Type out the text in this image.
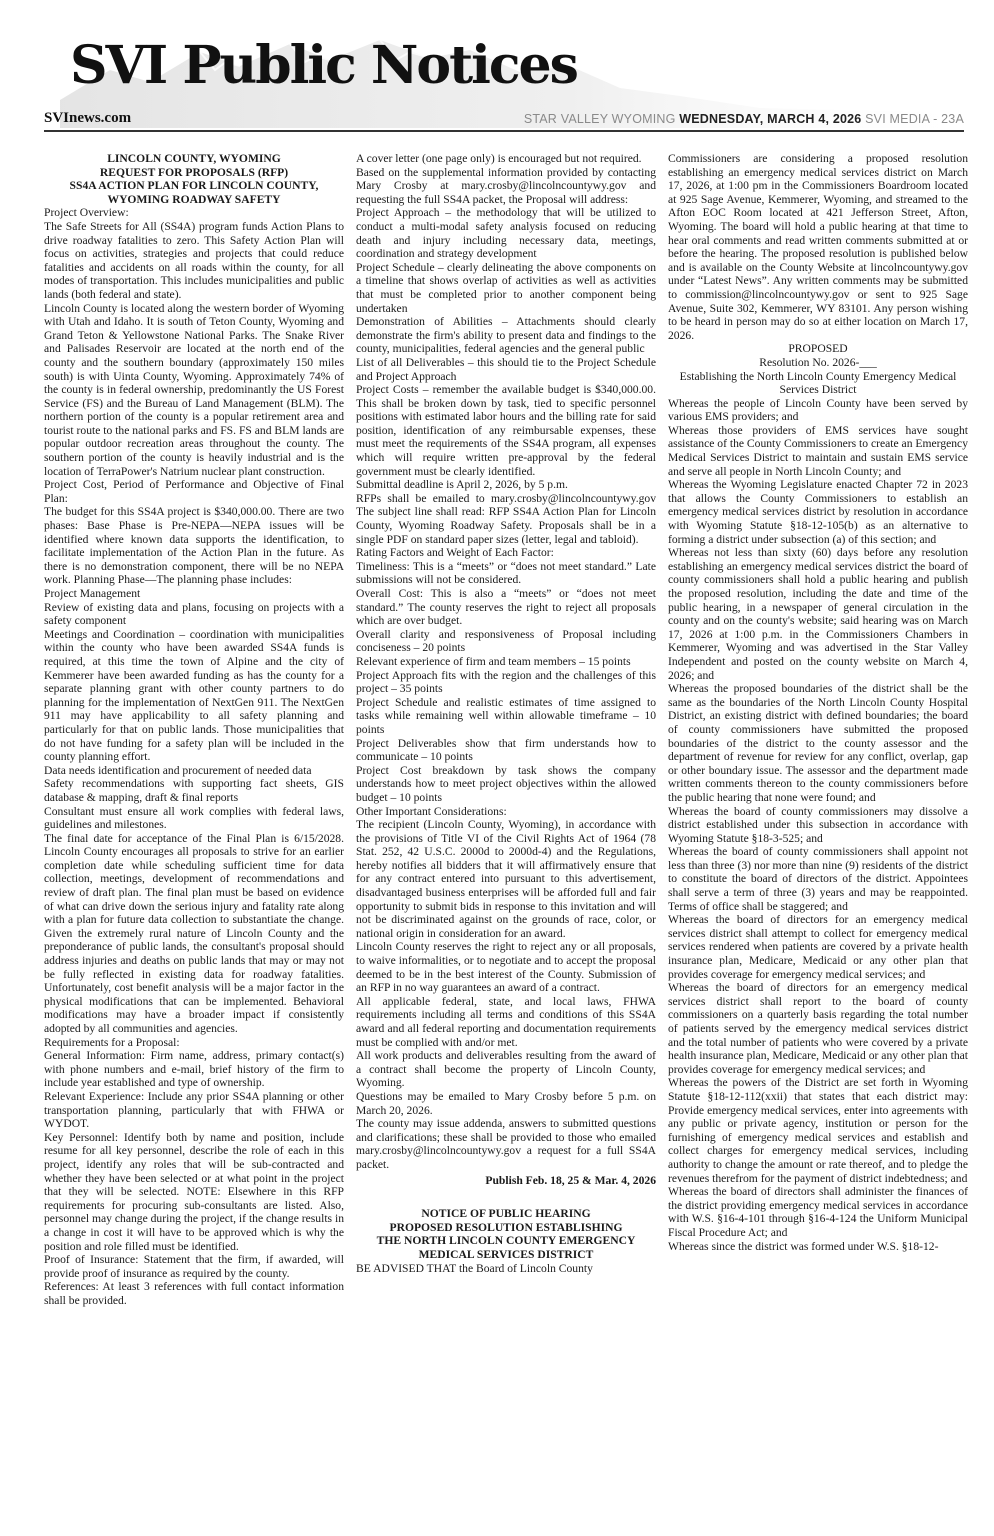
SVI Public Notices
SVInews.com	STAR VALLEY WYOMING WEDNESDAY, MARCH 4, 2026 SVI MEDIA - 23A
LINCOLN COUNTY, WYOMING
REQUEST FOR PROPOSALS (RFP)
SS4A ACTION PLAN FOR LINCOLN COUNTY,
WYOMING ROADWAY SAFETY

Project Overview:

The Safe Streets for All (SS4A) program funds Action Plans to drive roadway fatalities to zero. This Safety Action Plan will focus on activities, strategies and projects that could reduce fatalities and accidents on all roads within the county, for all modes of transportation. This includes municipalities and public lands (both federal and state).

Lincoln County is located along the western border of Wyoming with Utah and Idaho. It is south of Teton County, Wyoming and Grand Teton & Yellowstone National Parks. The Snake River and Palisades Reservoir are located at the north end of the county and the southern boundary (approximately 150 miles south) is with Uinta County, Wyoming. Approximately 74% of the county is in federal ownership, predominantly the US Forest Service (FS) and the Bureau of Land Management (BLM). The northern portion of the county is a popular retirement area and tourist route to the national parks and FS. FS and BLM lands are popular outdoor recreation areas throughout the county. The southern portion of the county is heavily industrial and is the location of TerraPower's Natrium nuclear plant construction.

Project Cost, Period of Performance and Objective of Final Plan:

The budget for this SS4A project is $340,000.00. There are two phases: Base Phase is Pre-NEPA—NEPA issues will be identified where known data supports the identification, to facilitate implementation of the Action Plan in the future. As there is no demonstration component, there will be no NEPA work. Planning Phase—The planning phase includes:

Project Management

Review of existing data and plans, focusing on projects with a safety component

Meetings and Coordination – coordination with municipalities within the county who have been awarded SS4A funds is required, at this time the town of Alpine and the city of Kemmerer have been awarded funding as has the county for a separate planning grant with other county partners to do planning for the implementation of NextGen 911. The NextGen 911 may have applicability to all safety planning and particularly for that on public lands. Those municipalities that do not have funding for a safety plan will be included in the county planning effort.

Data needs identification and procurement of needed data

Safety recommendations with supporting fact sheets, GIS database & mapping, draft & final reports

Consultant must ensure all work complies with federal laws, guidelines and milestones.

The final date for acceptance of the Final Plan is 6/15/2028. Lincoln County encourages all proposals to strive for an earlier completion date while scheduling sufficient time for data collection, meetings, development of recommendations and review of draft plan. The final plan must be based on evidence of what can drive down the serious injury and fatality rate along with a plan for future data collection to substantiate the change. Given the extremely rural nature of Lincoln County and the preponderance of public lands, the consultant's proposal should address injuries and deaths on public lands that may or may not be fully reflected in existing data for roadway fatalities. Unfortunately, cost benefit analysis will be a major factor in the physical modifications that can be implemented. Behavioral modifications may have a broader impact if consistently adopted by all communities and agencies.

Requirements for a Proposal:

General Information: Firm name, address, primary contact(s) with phone numbers and e-mail, brief history of the firm to include year established and type of ownership.

Relevant Experience: Include any prior SS4A planning or other transportation planning, particularly that with FHWA or WYDOT.

Key Personnel: Identify both by name and position, include resume for all key personnel, describe the role of each in this project, identify any roles that will be sub-contracted and whether they have been selected or at what point in the project that they will be selected. NOTE: Elsewhere in this RFP requirements for procuring sub-consultants are listed. Also, personnel may change during the project, if the change results in a change in cost it will have to be approved which is why the position and role filled must be identified.

Proof of Insurance: Statement that the firm, if awarded, will provide proof of insurance as required by the county.

References: At least 3 references with full contact information shall be provided.

A cover letter (one page only) is encouraged but not required.

Based on the supplemental information provided by contacting Mary Crosby at mary.crosby@lincolncountywy.gov and requesting the full SS4A packet, the Proposal will address:

Project Approach – the methodology that will be utilized to conduct a multi-modal safety analysis focused on reducing death and injury including necessary data, meetings, coordination and strategy development

Project Schedule – clearly delineating the above components on a timeline that shows overlap of activities as well as activities that must be completed prior to another component being undertaken

Demonstration of Abilities – Attachments should clearly demonstrate the firm's ability to present data and findings to the county, municipalities, federal agencies and the general public

List of all Deliverables – this should tie to the Project Schedule and Project Approach

Project Costs – remember the available budget is $340,000.00. This shall be broken down by task, tied to specific personnel positions with estimated labor hours and the billing rate for said position, identification of any reimbursable expenses, these must meet the requirements of the SS4A program, all expenses which will require written pre-approval by the federal government must be clearly identified.

Submittal deadline is April 2, 2026, by 5 p.m.

RFPs shall be emailed to mary.crosby@lincolncountywy.gov The subject line shall read: RFP SS4A Action Plan for Lincoln County, Wyoming Roadway Safety. Proposals shall be in a single PDF on standard paper sizes (letter, legal and tabloid).

Rating Factors and Weight of Each Factor:

Timeliness: This is a “meets” or “does not meet standard.” Late submissions will not be considered.

Overall Cost: This is also a “meets” or “does not meet standard.” The county reserves the right to reject all proposals which are over budget.

Overall clarity and responsiveness of Proposal including conciseness – 20 points

Relevant experience of firm and team members – 15 points

Project Approach fits with the region and the challenges of this project – 35 points

Project Schedule and realistic estimates of time assigned to tasks while remaining well within allowable timeframe – 10 points

Project Deliverables show that firm understands how to communicate – 10 points

Project Cost breakdown by task shows the company understands how to meet project objectives within the allowed budget – 10 points

Other Important Considerations:

The recipient (Lincoln County, Wyoming), in accordance with the provisions of Title VI of the Civil Rights Act of 1964 (78 Stat. 252, 42 U.S.C. 2000d to 2000d-4) and the Regulations, hereby notifies all bidders that it will affirmatively ensure that for any contract entered into pursuant to this advertisement, disadvantaged business enterprises will be afforded full and fair opportunity to submit bids in response to this invitation and will not be discriminated against on the grounds of race, color, or national origin in consideration for an award.

Lincoln County reserves the right to reject any or all proposals, to waive informalities, or to negotiate and to accept the proposal deemed to be in the best interest of the County. Submission of an RFP in no way guarantees an award of a contract.

All applicable federal, state, and local laws, FHWA requirements including all terms and conditions of this SS4A award and all federal reporting and documentation requirements must be complied with and/or met.

All work products and deliverables resulting from the award of a contract shall become the property of Lincoln County, Wyoming.

Questions may be emailed to Mary Crosby before 5 p.m. on March 20, 2026.

The county may issue addenda, answers to submitted questions and clarifications; these shall be provided to those who emailed mary.crosby@lincolncountywy.gov a request for a full SS4A packet.

Publish Feb. 18, 25 & Mar. 4, 2026

NOTICE OF PUBLIC HEARING
PROPOSED RESOLUTION ESTABLISHING
THE NORTH LINCOLN COUNTY EMERGENCY
MEDICAL SERVICES DISTRICT

BE ADVISED THAT the Board of Lincoln County

Commissioners are considering a proposed resolution establishing an emergency medical services district on March 17, 2026, at 1:00 pm in the Commissioners Boardroom located at 925 Sage Avenue, Kemmerer, Wyoming, and streamed to the Afton EOC Room located at 421 Jefferson Street, Afton, Wyoming. The board will hold a public hearing at that time to hear oral comments and read written comments submitted at or before the hearing. The proposed resolution is published below and is available on the County Website at lincolncountywy.gov under “Latest News”. Any written comments may be submitted to commission@lincolncountywy.gov or sent to 925 Sage Avenue, Suite 302, Kemmerer, WY 83101. Any person wishing to be heard in person may do so at either location on March 17, 2026.

PROPOSED

Resolution No. 2026-___

Establishing the North Lincoln County Emergency Medical Services District

Whereas the people of Lincoln County have been served by various EMS providers; and

Whereas those providers of EMS services have sought assistance of the County Commissioners to create an Emergency Medical Services District to maintain and sustain EMS service and serve all people in North Lincoln County; and

Whereas the Wyoming Legislature enacted Chapter 72 in 2023 that allows the County Commissioners to establish an emergency medical services district by resolution in accordance with Wyoming Statute §18-12-105(b) as an alternative to forming a district under subsection (a) of this section; and

Whereas not less than sixty (60) days before any resolution establishing an emergency medical services district the board of county commissioners shall hold a public hearing and publish the proposed resolution, including the date and time of the public hearing, in a newspaper of general circulation in the county and on the county's website; said hearing was on March 17, 2026 at 1:00 p.m. in the Commissioners Chambers in Kemmerer, Wyoming and was advertised in the Star Valley Independent and posted on the county website on March 4, 2026; and

Whereas the proposed boundaries of the district shall be the same as the boundaries of the North Lincoln County Hospital District, an existing district with defined boundaries; the board of county commissioners have submitted the proposed boundaries of the district to the county assessor and the department of revenue for review for any conflict, overlap, gap or other boundary issue. The assessor and the department made written comments thereon to the county commissioners before the public hearing that none were found; and

Whereas the board of county commissioners may dissolve a district established under this subsection in accordance with Wyoming Statute §18-3-525; and

Whereas the board of county commissioners shall appoint not less than three (3) nor more than nine (9) residents of the district to constitute the board of directors of the district. Appointees shall serve a term of three (3) years and may be reappointed. Terms of office shall be staggered; and

Whereas the board of directors for an emergency medical services district shall attempt to collect for emergency medical services rendered when patients are covered by a private health insurance plan, Medicare, Medicaid or any other plan that provides coverage for emergency medical services; and

Whereas the board of directors for an emergency medical services district shall report to the board of county commissioners on a quarterly basis regarding the total number of patients served by the emergency medical services district and the total number of patients who were covered by a private health insurance plan, Medicare, Medicaid or any other plan that provides coverage for emergency medical services; and

Whereas the powers of the District are set forth in Wyoming Statute §18-12-112(xxii) that states that each district may: Provide emergency medical services, enter into agreements with any public or private agency, institution or person for the furnishing of emergency medical services and establish and collect charges for emergency medical services, including authority to change the amount or rate thereof, and to pledge the revenues therefrom for the payment of district indebtedness; and

Whereas the board of directors shall administer the finances of the district providing emergency medical services in accordance with W.S. §16-4-101 through §16-4-124 the Uniform Municipal Fiscal Procedure Act; and

Whereas since the district was formed under W.S. §18-12-
